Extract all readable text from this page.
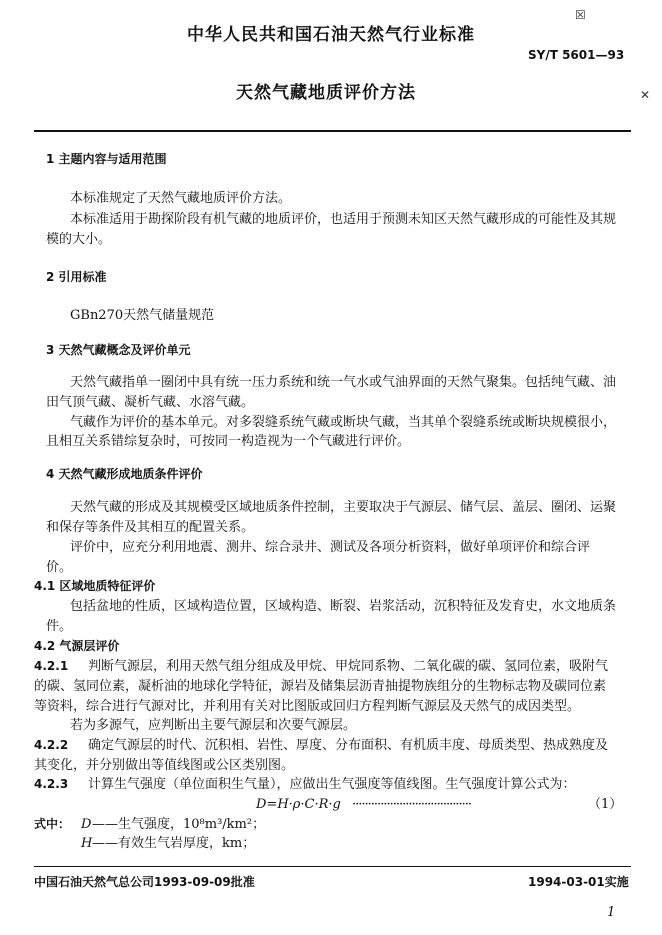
☒
✕
中华人民共和国石油天然气行业标准
SY/T 5601—93
天然气藏地质评价方法
1 主题内容与适用范围
本标准规定了天然气藏地质评价方法。
本标准适用于勘探阶段有机气藏的地质评价，也适用于预测未知区天然气藏形成的可能性及其规
模的大小。
2 引用标准
GBn270天然气储量规范
3 天然气藏概念及评价单元
天然气藏指单一圈闭中具有统一压力系统和统一气水或气油界面的天然气聚集。包括纯气藏、油
田气顶气藏、凝析气藏、水溶气藏。
气藏作为评价的基本单元。对多裂缝系统气藏或断块气藏，当其单个裂缝系统或断块规模很小，
且相互关系错综复杂时，可按同一构造视为一个气藏进行评价。
4 天然气藏形成地质条件评价
天然气藏的形成及其规模受区域地质条件控制，主要取决于气源层、储气层、盖层、圈闭、运聚
和保存等条件及其相互的配置关系。
评价中，应充分利用地震、测井、综合录井、测试及各项分析资料，做好单项评价和综合评
价。
4.1 区域地质特征评价
包括盆地的性质，区域构造位置，区域构造、断裂、岩浆活动，沉积特征及发育史，水文地质条
件。
4.2 气源层评价
4.2.1 判断气源层，利用天然气组分组成及甲烷、甲烷同系物、二氧化碳的碳、氢同位素，吸附气
的碳、氢同位素，凝析油的地球化学特征，源岩及储集层沥青抽提物族组分的生物标志物及碳同位素
等资料，综合进行气源对比，并利用有关对比图版或回归方程判断气源层及天然气的成因类型。
若为多源气，应判断出主要气源层和次要气源层。
4.2.2 确定气源层的时代、沉积相、岩性、厚度、分布面积、有机质丰度、母质类型、热成熟度及
其变化，并分别做出等值线图或公区类别图。
4.2.3 计算生气强度（单位面积生气量），应做出生气强度等值线图。生气强度计算公式为：
D=H·ρ·C·R·g ······································	（1）
式中： D ——生气强度，10⁸m³/km²；
H ——有效生气岩厚度，km；
中国石油天然气总公司1993-09-09批准	1994-03-01实施
1
